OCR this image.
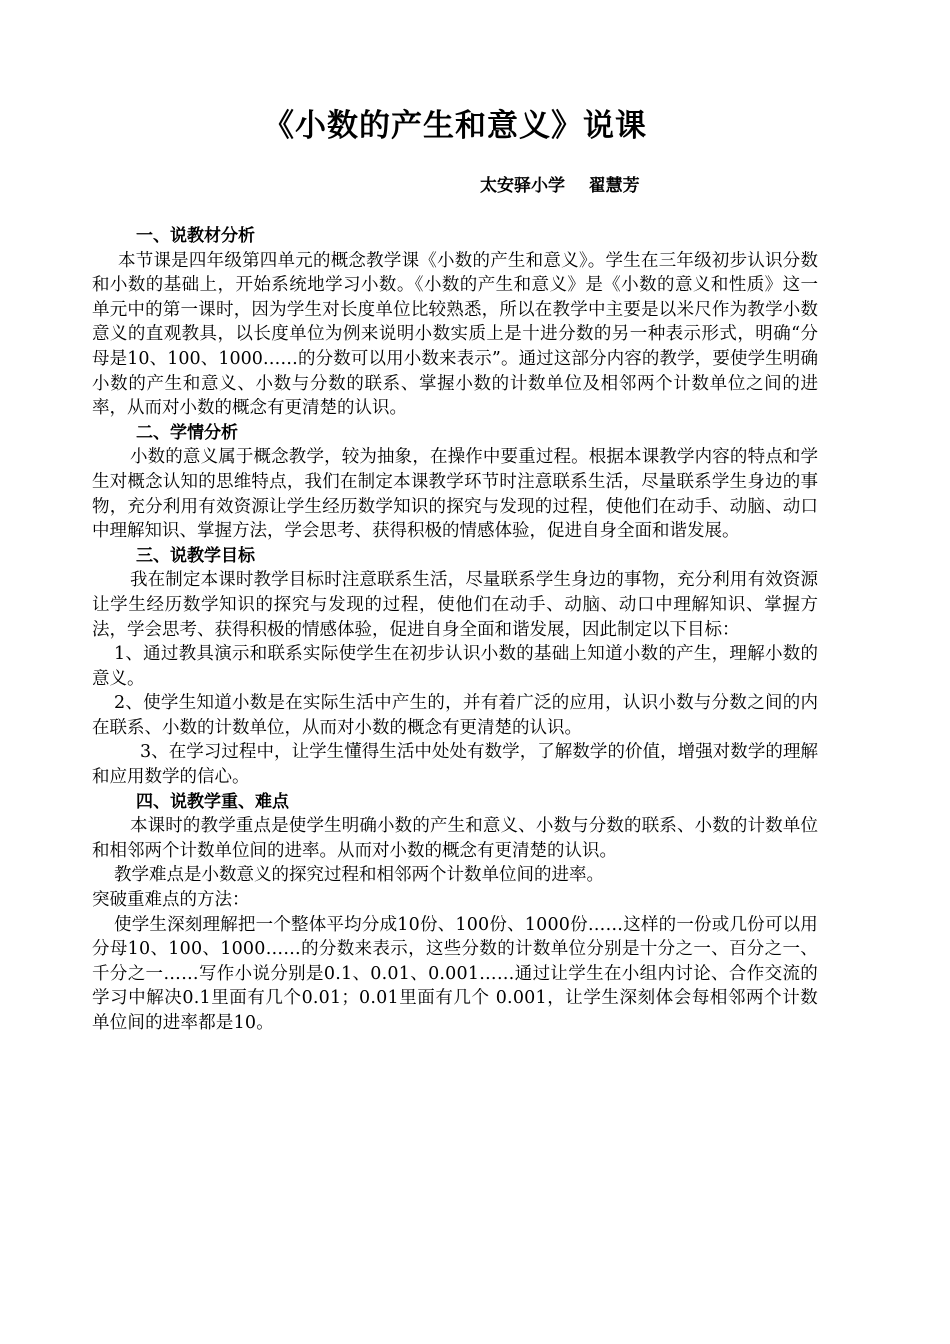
《小数的产生和意义》说课
太安驿小学    翟慧芳

一、说教材分析

本节课是四年级第四单元的概念教学课《小数的产生和意义》。学生在三年级初步认识分数和小数的基础上，开始系统地学习小数。《小数的产生和意义》是《小数的意义和性质》这一单元中的第一课时，因为学生对长度单位比较熟悉，所以在教学中主要是以米尺作为教学小数意义的直观教具，以长度单位为例来说明小数实质上是十进分数的另一种表示形式，明确“分母是10、100、1000……的分数可以用小数来表示”。通过这部分内容的教学，要使学生明确小数的产生和意义、小数与分数的联系、掌握小数的计数单位及相邻两个计数单位之间的进率，从而对小数的概念有更清楚的认识。

二、学情分析

小数的意义属于概念教学，较为抽象，在操作中要重过程。根据本课教学内容的特点和学生对概念认知的思维特点，我们在制定本课教学环节时注意联系生活，尽量联系学生身边的事物，充分利用有效资源让学生经历数学知识的探究与发现的过程，使他们在动手、动脑、动口中理解知识、掌握方法，学会思考、获得积极的情感体验，促进自身全面和谐发展。

三、说教学目标

我在制定本课时教学目标时注意联系生活，尽量联系学生身边的事物，充分利用有效资源让学生经历数学知识的探究与发现的过程，使他们在动手、动脑、动口中理解知识、掌握方法，学会思考、获得积极的情感体验，促进自身全面和谐发展，因此制定以下目标：

1、通过教具演示和联系实际使学生在初步认识小数的基础上知道小数的产生，理解小数的意义。

2、使学生知道小数是在实际生活中产生的，并有着广泛的应用，认识小数与分数之间的内在联系、小数的计数单位，从而对小数的概念有更清楚的认识。

3、在学习过程中，让学生懂得生活中处处有数学，了解数学的价值，增强对数学的理解和应用数学的信心。

四、说教学重、难点

本课时的教学重点是使学生明确小数的产生和意义、小数与分数的联系、小数的计数单位和相邻两个计数单位间的进率。从而对小数的概念有更清楚的认识。

教学难点是小数意义的探究过程和相邻两个计数单位间的进率。

突破重难点的方法：

使学生深刻理解把一个整体平均分成10份、100份、1000份……这样的一份或几份可以用分母10、100、1000……的分数来表示，这些分数的计数单位分别是十分之一、百分之一、千分之一……写作小说分别是0.1、0.01、0.001……通过让学生在小组内讨论、合作交流的学习中解决0.1里面有几个0.01；0.01里面有几个 0.001，让学生深刻体会每相邻两个计数单位间的进率都是10。
